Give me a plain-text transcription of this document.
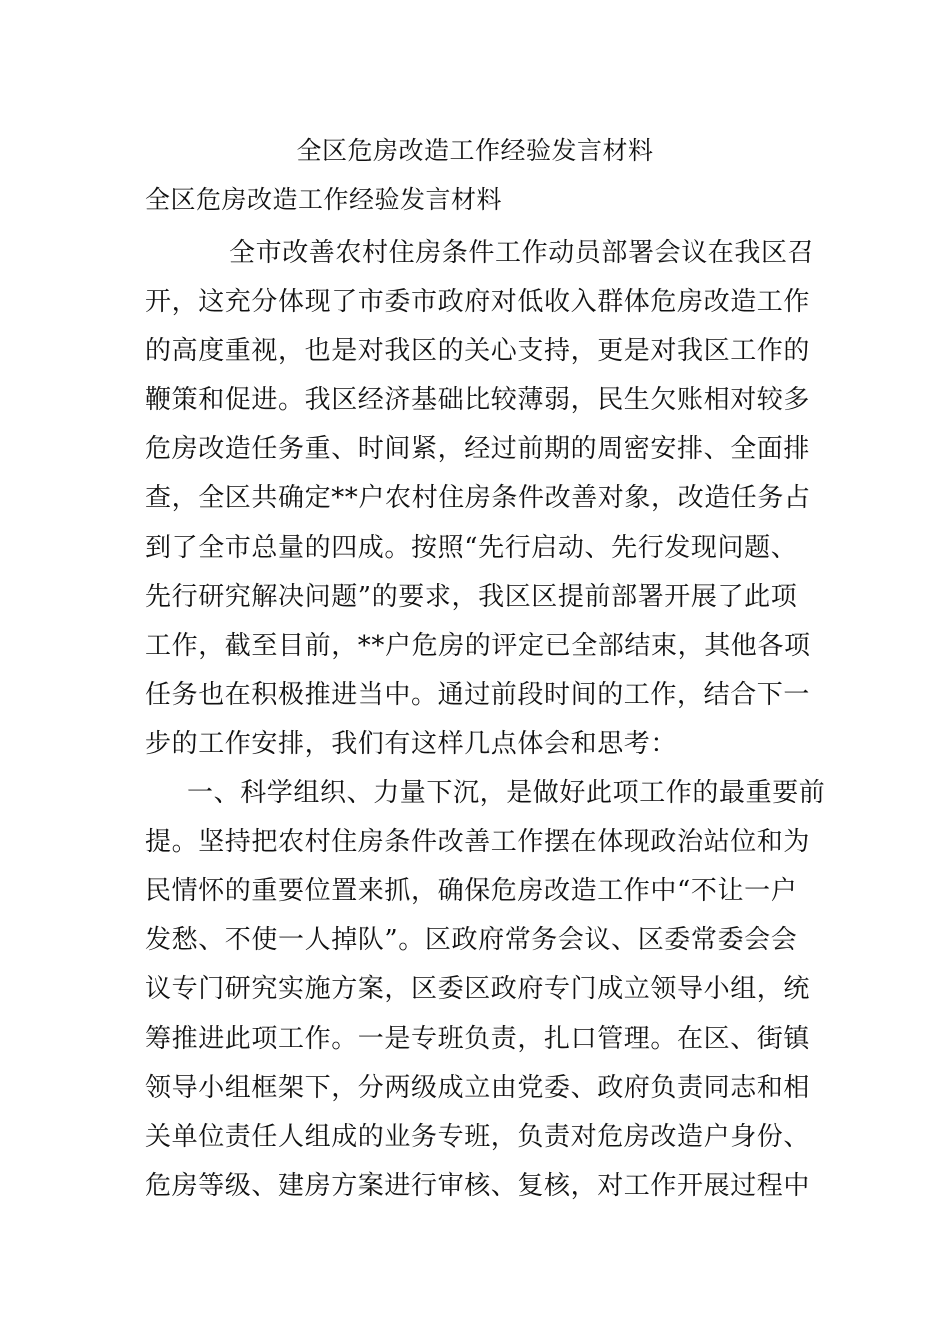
全区危房改造工作经验发言材料
全区危房改造工作经验发言材料
全市改善农村住房条件工作动员部署会议在我区召
开，这充分体现了市委市政府对低收入群体危房改造工作
的高度重视，也是对我区的关心支持，更是对我区工作的
鞭策和促进。我区经济基础比较薄弱，民生欠账相对较多
危房改造任务重、时间紧，经过前期的周密安排、全面排
查，全区共确定**户农村住房条件改善对象，改造任务占
到了全市总量的四成。按照“先行启动、先行发现问题、
先行研究解决问题”的要求，我区区提前部署开展了此项
工作，截至目前，**户危房的评定已全部结束，其他各项
任务也在积极推进当中。通过前段时间的工作，结合下一
步的工作安排，我们有这样几点体会和思考：
一、科学组织、力量下沉，是做好此项工作的最重要前
提。坚持把农村住房条件改善工作摆在体现政治站位和为
民情怀的重要位置来抓，确保危房改造工作中“不让一户
发愁、不使一人掉队”。区政府常务会议、区委常委会会
议专门研究实施方案，区委区政府专门成立领导小组，统
筹推进此项工作。一是专班负责，扎口管理。在区、街镇
领导小组框架下，分两级成立由党委、政府负责同志和相
关单位责任人组成的业务专班，负责对危房改造户身份、
危房等级、建房方案进行审核、复核，对工作开展过程中
